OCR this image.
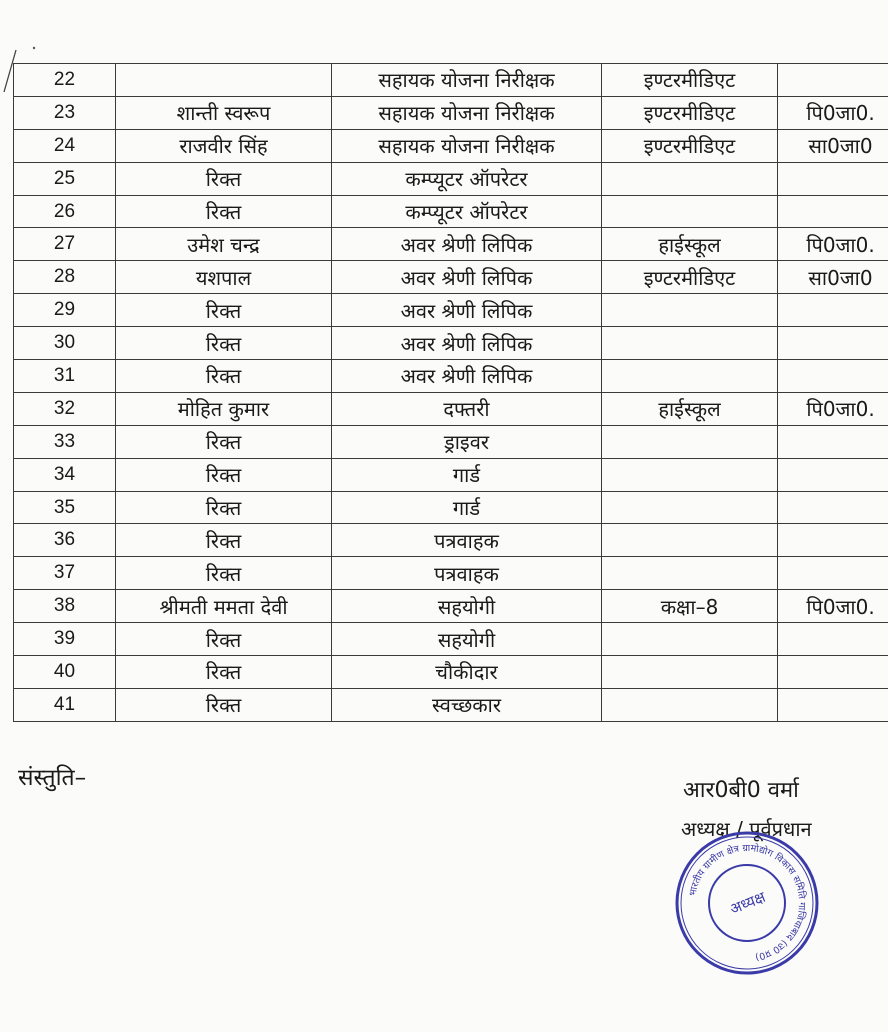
22		सहायक योजना निरीक्षक	इण्टरमीडिएट	
23	शान्ती स्वरूप	सहायक योजना निरीक्षक	इण्टरमीडिएट	पि0जा0.
24	राजवीर सिंह	सहायक योजना निरीक्षक	इण्टरमीडिएट	सा0जा0
25	रिक्त	कम्प्यूटर ऑपरेटर		
26	रिक्त	कम्प्यूटर ऑपरेटर		
27	उमेश चन्द्र	अवर श्रेणी लिपिक	हाईस्कूल	पि0जा0.
28	यशपाल	अवर श्रेणी लिपिक	इण्टरमीडिएट	सा0जा0
29	रिक्त	अवर श्रेणी लिपिक		
30	रिक्त	अवर श्रेणी लिपिक		
31	रिक्त	अवर श्रेणी लिपिक		
32	मोहित कुमार	दफ्तरी	हाईस्कूल	पि0जा0.
33	रिक्त	ड्राइवर		
34	रिक्त	गार्ड		
35	रिक्त	गार्ड		
36	रिक्त	पत्रवाहक		
37	रिक्त	पत्रवाहक		
38	श्रीमती ममता देवी	सहयोगी	कक्षा–8	पि0जा0.
39	रिक्त	सहयोगी		
40	रिक्त	चौकीदार		
41	रिक्त	स्वच्छकार		
संस्तुति–	आर0बी0 वर्मा
अध्यक्ष / पूर्वप्रधान
भारतीय ग्रामीण क्षेत्र ग्रामोद्योग विकास समिति गाजियाबाद (उ0 प्र0)
अध्यक्ष
